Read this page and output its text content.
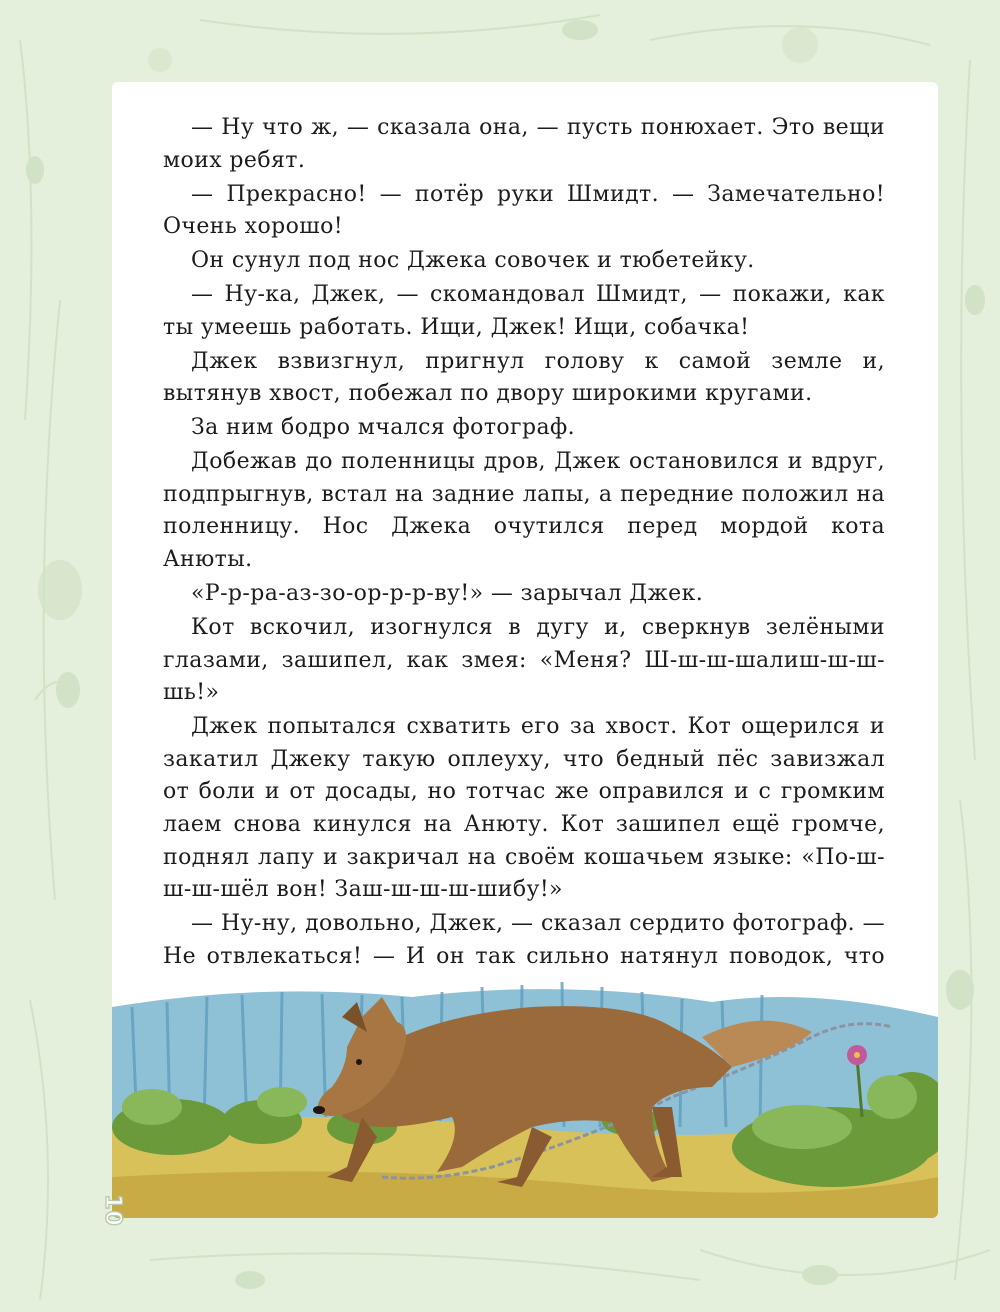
— Ну что ж, — сказала она, — пусть понюхает. Это вещи моих ребят.

— Прекрасно! — потёр руки Шмидт. — Замечательно! Очень хорошо!

Он сунул под нос Джека совочек и тюбетейку.

— Ну-ка, Джек, — скомандовал Шмидт, — покажи, как ты умеешь работать. Ищи, Джек! Ищи, собачка!

Джек взвизгнул, пригнул голову к самой земле и, вытянув хвост, побежал по двору широкими кругами.

За ним бодро мчался фотограф.

Добежав до поленницы дров, Джек остановился и вдруг, подпрыгнув, встал на задние лапы, а передние положил на поленницу. Нос Джека очутился перед мордой кота Анюты.

«Р-р-ра-аз-зо-ор-р-р-ву!» — зарычал Джек.

Кот вскочил, изогнулся в дугу и, сверкнув зелёными глазами, зашипел, как змея: «Меня? Ш-ш-ш-шалиш-ш-ш-шь!»

Джек попытался схватить его за хвост. Кот ощерился и закатил Джеку такую оплеуху, что бедный пёс завизжал от боли и от досады, но тотчас же оправился и с громким лаем снова кинулся на Анюту. Кот зашипел ещё громче, поднял лапу и закричал на своём кошачьем языке: «По-ш-ш-ш-шёл вон! Заш-ш-ш-ш-шибу!»

— Ну-ну, довольно, Джек, — сказал сердито фотограф. — Не отвлекаться! — И он так сильно натянул поводок, что

10
